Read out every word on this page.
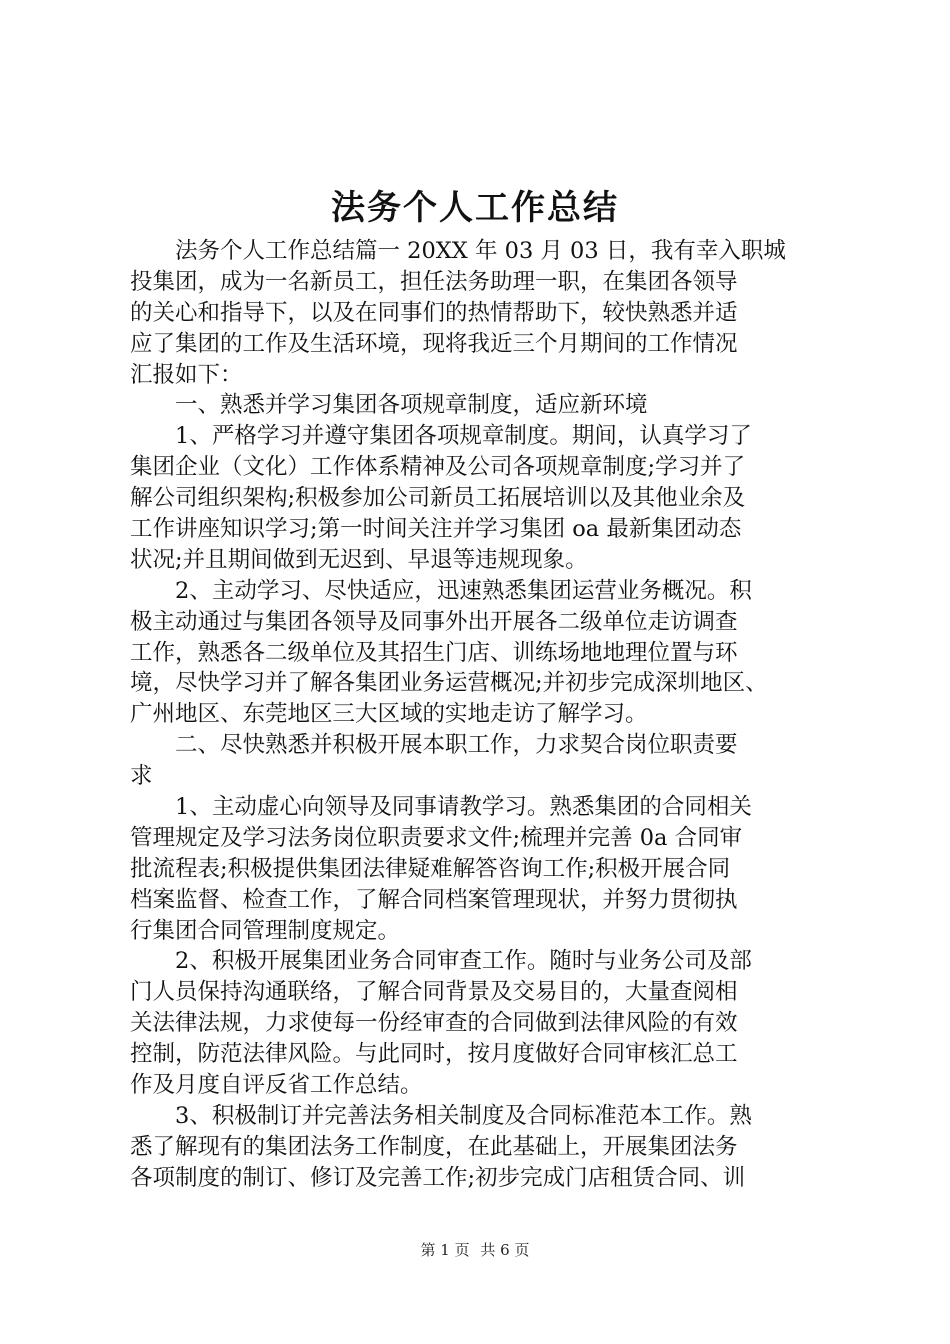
法务个人工作总结
　　法务个人工作总结篇一 20XX 年 03 月 03 日，我有幸入职城
投集团，成为一名新员工，担任法务助理一职，在集团各领导
的关心和指导下，以及在同事们的热情帮助下，较快熟悉并适
应了集团的工作及生活环境，现将我近三个月期间的工作情况
汇报如下：
　　一、熟悉并学习集团各项规章制度，适应新环境
　　1、严格学习并遵守集团各项规章制度。期间，认真学习了
集团企业（文化）工作体系精神及公司各项规章制度;学习并了
解公司组织架构;积极参加公司新员工拓展培训以及其他业余及
工作讲座知识学习;第一时间关注并学习集团 oa 最新集团动态
状况;并且期间做到无迟到、早退等违规现象。
　　2、主动学习、尽快适应，迅速熟悉集团运营业务概况。积
极主动通过与集团各领导及同事外出开展各二级单位走访调查
工作，熟悉各二级单位及其招生门店、训练场地地理位置与环
境，尽快学习并了解各集团业务运营概况;并初步完成深圳地区、
广州地区、东莞地区三大区域的实地走访了解学习。
　　二、尽快熟悉并积极开展本职工作，力求契合岗位职责要
求
　　1、主动虚心向领导及同事请教学习。熟悉集团的合同相关
管理规定及学习法务岗位职责要求文件;梳理并完善 0a 合同审
批流程表;积极提供集团法律疑难解答咨询工作;积极开展合同
档案监督、检查工作，了解合同档案管理现状，并努力贯彻执
行集团合同管理制度规定。
　　2、积极开展集团业务合同审查工作。随时与业务公司及部
门人员保持沟通联络，了解合同背景及交易目的，大量查阅相
关法律法规，力求使每一份经审查的合同做到法律风险的有效
控制，防范法律风险。与此同时，按月度做好合同审核汇总工
作及月度自评反省工作总结。
　　3、积极制订并完善法务相关制度及合同标准范本工作。熟
悉了解现有的集团法务工作制度，在此基础上，开展集团法务
各项制度的制订、修订及完善工作;初步完成门店租赁合同、训
第 1 页 共 6 页
